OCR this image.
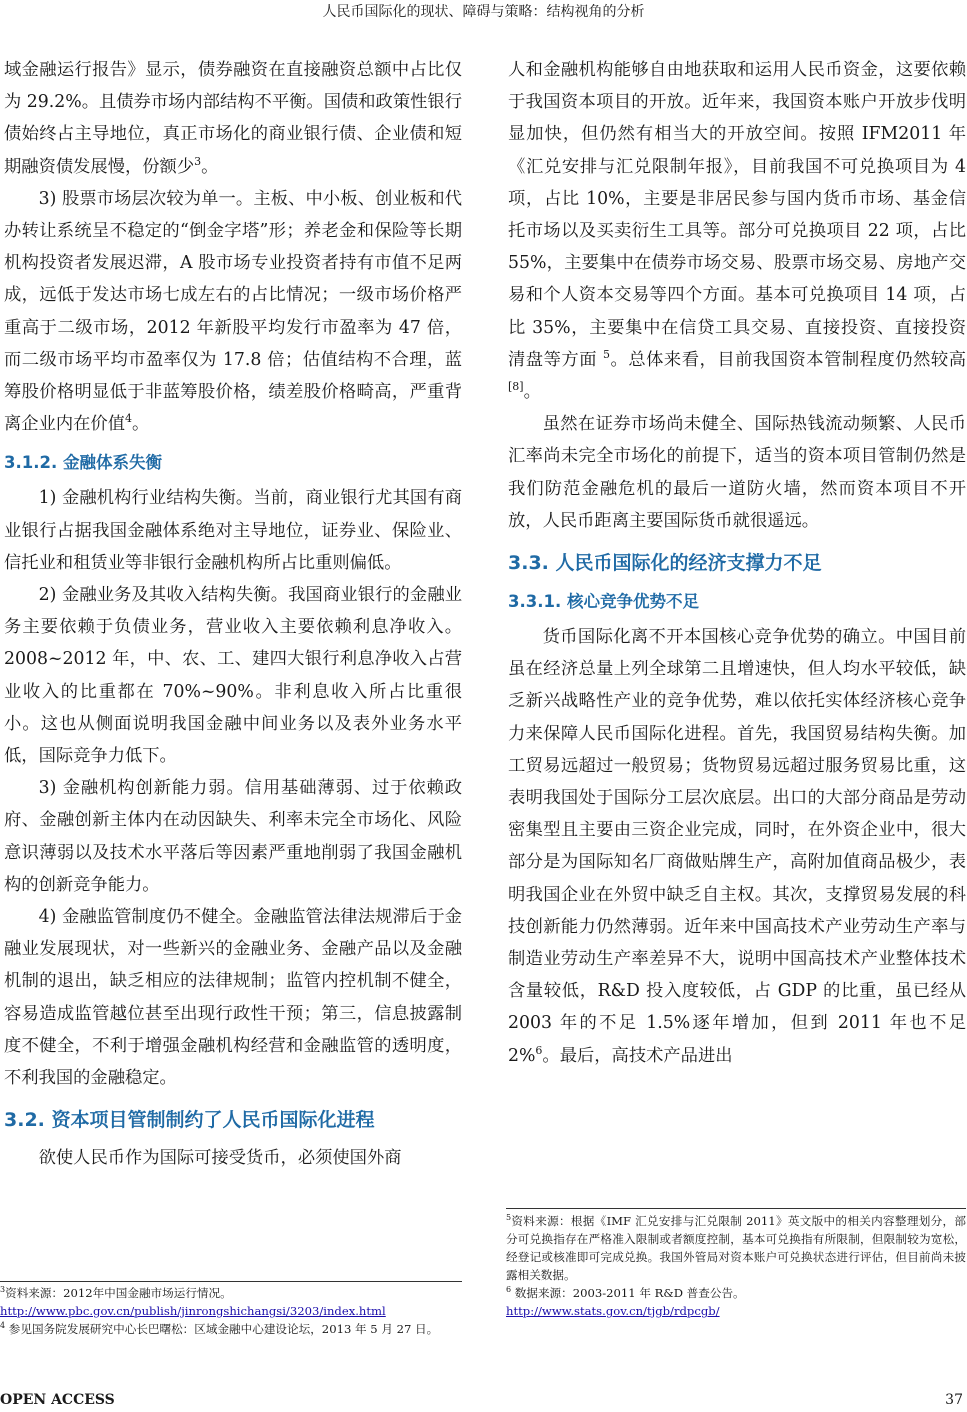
人民币国际化的现状、障碍与策略：结构视角的分析

域金融运行报告》显示，债券融资在直接融资总额中占比仅为 29.2%。且债券市场内部结构不平衡。国债和政策性银行债始终占主导地位，真正市场化的商业银行债、企业债和短期融资债发展慢，份额少$^3$。

3) 股票市场层次较为单一。主板、中小板、创业板和代办转让系统呈不稳定的“倒金字塔”形；养老金和保险等长期机构投资者发展迟滞，A 股市场专业投资者持有市值不足两成，远低于发达市场七成左右的占比情况；一级市场价格严重高于二级市场，2012 年新股平均发行市盈率为 47 倍，而二级市场平均市盈率仅为 17.8 倍；估值结构不合理，蓝筹股价格明显低于非蓝筹股价格，绩差股价格畸高，严重背离企业内在价值$^4$。

3.1.2. 金融体系失衡

1) 金融机构行业结构失衡。当前，商业银行尤其国有商业银行占据我国金融体系绝对主导地位，证券业、保险业、信托业和租赁业等非银行金融机构所占比重则偏低。

2) 金融业务及其收入结构失衡。我国商业银行的金融业务主要依赖于负债业务，营业收入主要依赖利息净收入。2008~2012 年，中、农、工、建四大银行利息净收入占营业收入的比重都在 70%~90%。非利息收入所占比重很小。这也从侧面说明我国金融中间业务以及表外业务水平低，国际竞争力低下。

3) 金融机构创新能力弱。信用基础薄弱、过于依赖政府、金融创新主体内在动因缺失、利率未完全市场化、风险意识薄弱以及技术水平落后等因素严重地削弱了我国金融机构的创新竞争能力。

4) 金融监管制度仍不健全。金融监管法律法规滞后于金融业发展现状，对一些新兴的金融业务、金融产品以及金融机制的退出，缺乏相应的法律规制；监管内控机制不健全，容易造成监管越位甚至出现行政性干预；第三，信息披露制度不健全，不利于增强金融机构经营和金融监管的透明度，不利我国的金融稳定。

3.2. 资本项目管制制约了人民币国际化进程

欲使人民币作为国际可接受货币，必须使国外商

人和金融机构能够自由地获取和运用人民币资金，这要依赖于我国资本项目的开放。近年来，我国资本账户开放步伐明显加快，但仍然有相当大的开放空间。按照 IFM2011 年《汇兑安排与汇兑限制年报》，目前我国不可兑换项目为 4 项，占比 10%，主要是非居民参与国内货币市场、基金信托市场以及买卖衍生工具等。部分可兑换项目 22 项，占比 55%，主要集中在债券市场交易、股票市场交易、房地产交易和个人资本交易等四个方面。基本可兑换项目 14 项，占比 35%，主要集中在信贷工具交易、直接投资、直接投资清盘等方面 $^5$。总体来看，目前我国资本管制程度仍然较高[8]。

虽然在证券市场尚未健全、国际热钱流动频繁、人民币汇率尚未完全市场化的前提下，适当的资本项目管制仍然是我们防范金融危机的最后一道防火墙，然而资本项目不开放，人民币距离主要国际货币就很遥远。

3.3. 人民币国际化的经济支撑力不足
3.3.1. 核心竞争优势不足

货币国际化离不开本国核心竞争优势的确立。中国目前虽在经济总量上列全球第二且增速快，但人均水平较低，缺乏新兴战略性产业的竞争优势，难以依托实体经济核心竞争力来保障人民币国际化进程。首先，我国贸易结构失衡。加工贸易远超过一般贸易；货物贸易远超过服务贸易比重，这表明我国处于国际分工层次底层。出口的大部分商品是劳动密集型且主要由三资企业完成，同时，在外资企业中，很大部分是为国际知名厂商做贴牌生产，高附加值商品极少，表明我国企业在外贸中缺乏自主权。其次，支撑贸易发展的科技创新能力仍然薄弱。近年来中国高技术产业劳动生产率与制造业劳动生产率差异不大，说明中国高技术产业整体技术含量较低，R&D 投入度较低，占 GDP 的比重，虽已经从 2003 年的不足 1.5%逐年增加，但到 2011 年也不足 2%$^6$。最后，高技术产品进出

$^3$资料来源：2012年中国金融市场运行情况。
http://www.pbc.gov.cn/publish/jinrongshichangsi/3203/index.html
$^4$ 参见国务院发展研究中心长巴曙松：区域金融中心建设论坛，2013 年 5 月 27 日。
$^5$资料来源：根据《IMF 汇兑安排与汇兑限制 2011》英文版中的相关内容整理划分，部分可兑换指存在严格准入限制或者额度控制，基本可兑换指有所限制，但限制较为宽松，经登记或核准即可完成兑换。我国外管局对资本账户可兑换状态进行评估，但目前尚未披露相关数据。
$^6$ 数据来源：2003-2011 年 R&D 普查公告。
http://www.stats.gov.cn/tjgb/rdpcgb/
OPEN ACCESS	37
